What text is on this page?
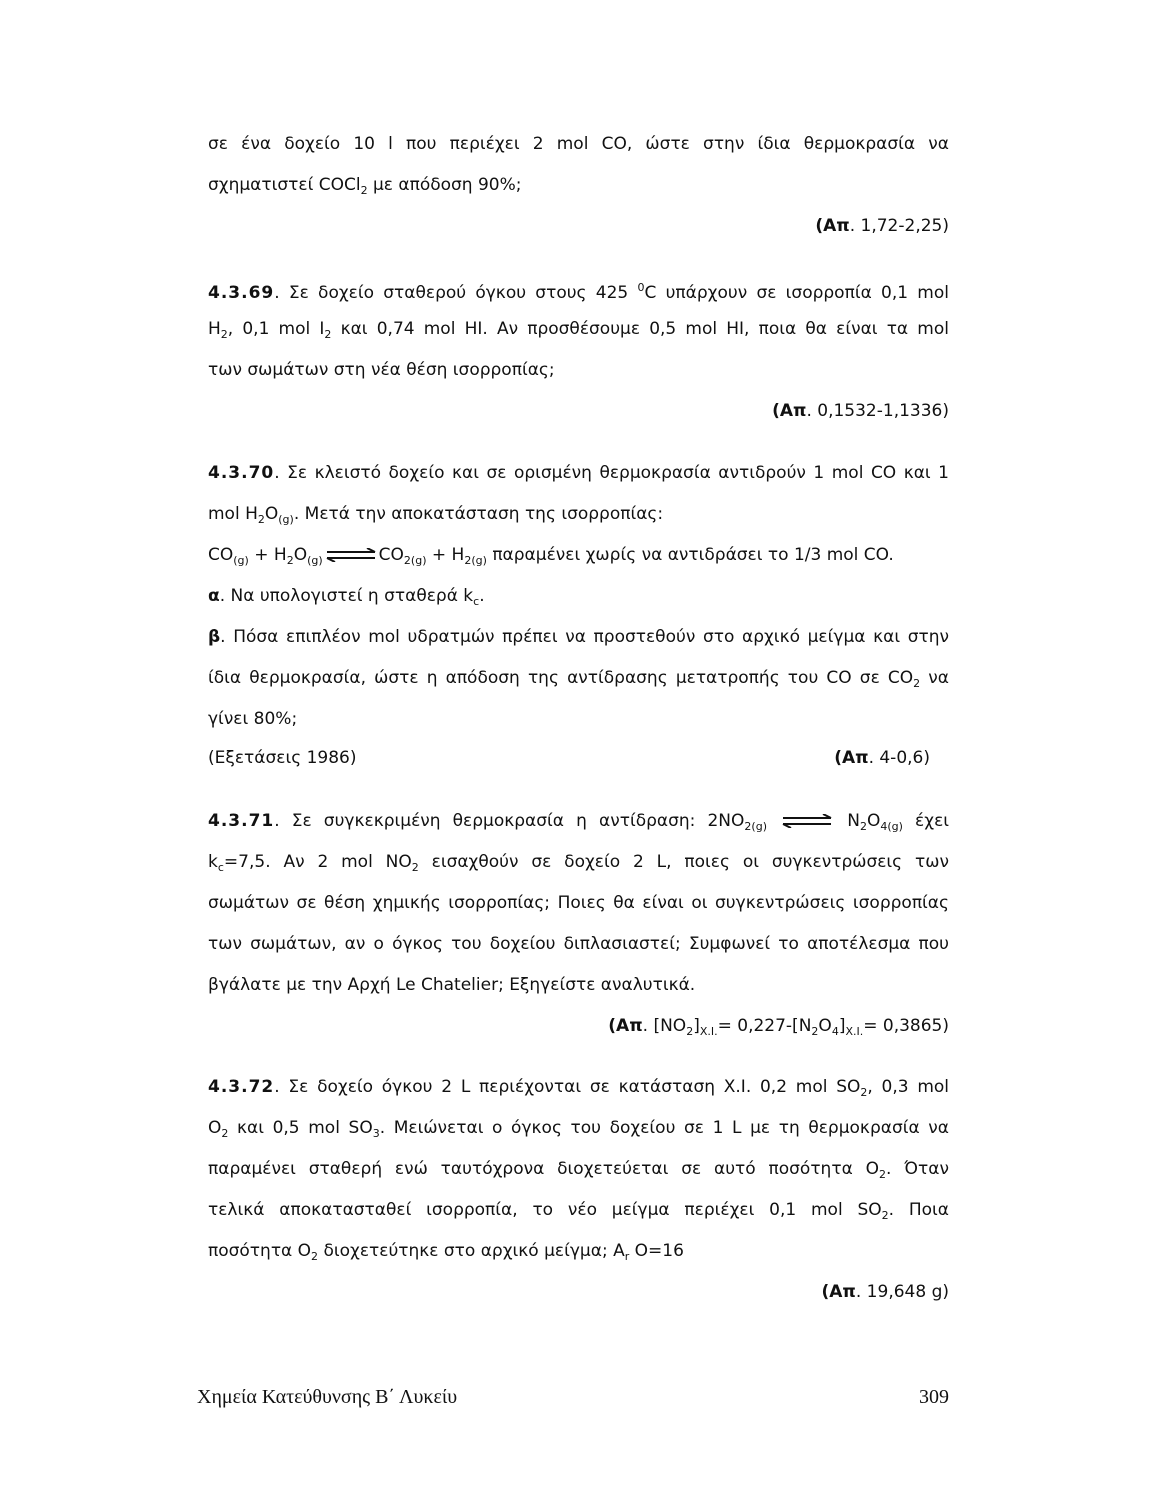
σε ένα δοχείο 10 l που περιέχει 2 mol CO, ώστε στην ίδια θερμοκρασία να
σχηματιστεί COCl$_2$ με απόδοση 90%;
(Απ. 1,72-2,25)
4.3.69. Σε δοχείο σταθερού όγκου στους 425 $^0$C υπάρχουν σε ισορροπία 0,1 mol
$H_2$, 0,1 mol $I_2$ και 0,74 mol HI. Αν προσθέσουμε 0,5 mol HI, ποια θα είναι τα mol
των σωμάτων στη νέα θέση ισορροπίας;
(Απ. 0,1532-1,1336)
4.3.70. Σε κλειστό δοχείο και σε ορισμένη θερμοκρασία αντιδρούν 1 mol CO και 1
mol $H_2O_{(g)}$. Μετά την αποκατάσταση της ισορροπίας:
$CO_{(g)}$ + $H_2O_{(g)}\rightleftharpoons CO_{2(g)} + H_{2(g)}$ παραμένει χωρίς να αντιδράσει το 1/3 mol CO.
α. Να υπολογιστεί η σταθερά $k_c$.
β. Πόσα επιπλέον mol υδρατμών πρέπει να προστεθούν στο αρχικό μείγμα και στην
ίδια θερμοκρασία, ώστε η απόδοση της αντίδρασης μετατροπής του CO σε $CO_2$ να
γίνει 80%;
(Εξετάσεις 1986)	(Απ. 4-0,6)
4.3.71. Σε συγκεκριμένη θερμοκρασία η αντίδραση: $2NO_{2(g)}$ ⇌ $N_2O_{4(g)}$ έχει
$k_c=7,5$. Αν 2 mol $NO_2$ εισαχθούν σε δοχείο 2 L, ποιες οι συγκεντρώσεις των
σωμάτων σε θέση χημικής ισορροπίας; Ποιες θα είναι οι συγκεντρώσεις ισορροπίας
των σωμάτων, αν ο όγκος του δοχείου διπλασιαστεί; Συμφωνεί το αποτέλεσμα που
βγάλατε με την Αρχή Le Chatelier; Εξηγείστε αναλυτικά.
(Απ. $[NO_2]_{X.I.}= 0,227-[N_2O_4]_{X.I.}= 0,3865$)
4.3.72. Σε δοχείο όγκου 2 L περιέχονται σε κατάσταση X.I. 0,2 mol $SO_2$, 0,3 mol
$O_2$ και 0,5 mol $SO_3$. Μειώνεται ο όγκος του δοχείου σε 1 L με τη θερμοκρασία να
παραμένει σταθερή ενώ ταυτόχρονα διοχετεύεται σε αυτό ποσότητα $O_2$. Όταν
τελικά αποκατασταθεί ισορροπία, το νέο μείγμα περιέχει 0,1 mol $SO_2$. Ποια
ποσότητα $O_2$ διοχετεύτηκε στο αρχικό μείγμα; $A_r$ O=16
(Απ. 19,648 g)
Χημεία Κατεύθυνσης Β΄ Λυκείυ	309
